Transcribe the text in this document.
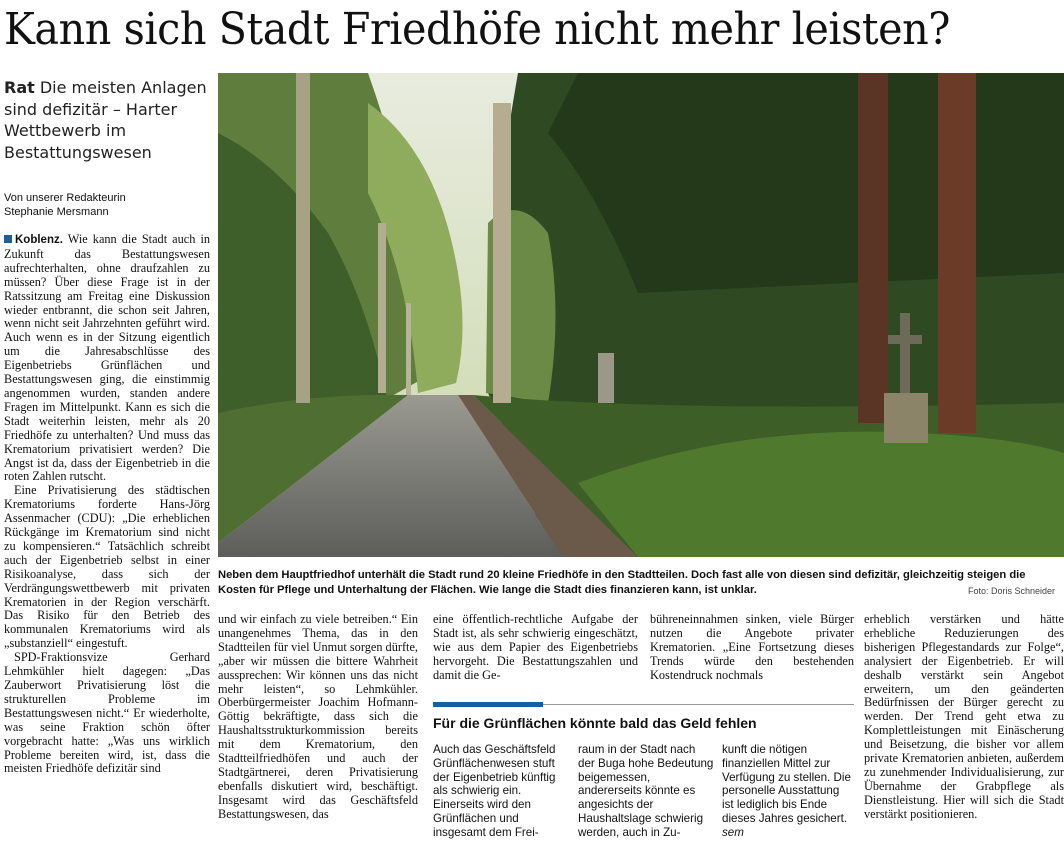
Kann sich Stadt Friedhöfe nicht mehr leisten?
Rat Die meisten Anlagen sind defizitär – Harter Wettbewerb im Bestattungswesen
Von unserer Redakteurin
Stephanie Mersmann

Koblenz. Wie kann die Stadt auch in Zukunft das Bestattungswesen aufrechterhalten, ohne draufzahlen zu müssen? Über diese Frage ist in der Ratssitzung am Freitag eine Diskussion wieder entbrannt, die schon seit Jahren, wenn nicht seit Jahrzehnten geführt wird. Auch wenn es in der Sitzung eigentlich um die Jahresabschlüsse des Eigenbetriebs Grünflächen und Bestattungswesen ging, die einstimmig angenommen wurden, standen andere Fragen im Mittelpunkt. Kann es sich die Stadt weiterhin leisten, mehr als 20 Friedhöfe zu unterhalten? Und muss das Krematorium privatisiert werden? Die Angst ist da, dass der Eigenbetrieb in die roten Zahlen rutscht.

Eine Privatisierung des städtischen Krematoriums forderte Hans-Jörg Assenmacher (CDU): „Die erheblichen Rückgänge im Krematorium sind nicht zu kompensieren.“ Tatsächlich schreibt auch der Eigenbetrieb selbst in einer Risikoanalyse, dass sich der Verdrängungswettbewerb mit privaten Krematorien in der Region verschärft. Das Risiko für den Betrieb des kommunalen Krematoriums wird als „substanziell“ eingestuft.

SPD-Fraktionsvize Gerhard Lehmkühler hielt dagegen: „Das Zauberwort Privatisierung löst die strukturellen Probleme im Bestattungswesen nicht.“ Er wiederholte, was seine Fraktion schön öfter vorgebracht hatte: „Was uns wirklich Probleme bereiten wird, ist, dass die meisten Friedhöfe defizitär sind

Neben dem Hauptfriedhof unterhält die Stadt rund 20 kleine Friedhöfe in den Stadtteilen. Doch fast alle von diesen sind defizitär, gleichzeitig steigen die Kosten für Pflege und Unterhaltung der Flächen. Wie lange die Stadt dies finanzieren kann, ist unklar.	Foto: Doris Schneider

und wir einfach zu viele betreiben.“ Ein unangenehmes Thema, das in den Stadtteilen für viel Unmut sorgen dürfte, „aber wir müssen die bittere Wahrheit aussprechen: Wir können uns das nicht mehr leisten“, so Lehmkühler. Oberbürgermeister Joachim Hofmann-Göttig bekräftigte, dass sich die Haushaltsstrukturkommission bereits mit dem Krematorium, den Stadtteilfriedhöfen und auch der Stadtgärtnerei, deren Privatisierung ebenfalls diskutiert wird, beschäftigt. Insgesamt wird das Geschäftsfeld Bestattungswesen, das

eine öffentlich-rechtliche Aufgabe der Stadt ist, als sehr schwierig eingeschätzt, wie aus dem Papier des Eigenbetriebs hervorgeht. Die Bestattungszahlen und damit die Ge-

bühreneinnahmen sinken, viele Bürger nutzen die Angebote privater Krematorien. „Eine Fortsetzung dieses Trends würde den bestehenden Kostendruck nochmals

erheblich verstärken und hätte erhebliche Reduzierungen des bisherigen Pflegestandards zur Folge“, analysiert der Eigenbetrieb. Er will deshalb verstärkt sein Angebot erweitern, um den geänderten Bedürfnissen der Bürger gerecht zu werden. Der Trend geht etwa zu Komplettleistungen mit Einäscherung und Beisetzung, die bisher vor allem private Krematorien anbieten, außerdem zu zunehmender Individualisierung, zur Übernahme der Grabpflege als Dienstleistung. Hier will sich die Stadt verstärkt positionieren.

Für die Grünflächen könnte bald das Geld fehlen
Auch das Geschäftsfeld Grünflächenwesen stuft der Eigenbetrieb künftig als schwierig ein. Einerseits wird den Grünflächen und insgesamt dem Frei-
raum in der Stadt nach der Buga hohe Bedeutung beigemessen, andererseits könnte es angesichts der Haushaltslage schwierig werden, auch in Zu-
kunft die nötigen finanziellen Mittel zur Verfügung zu stellen. Die personelle Ausstattung ist lediglich bis Ende dieses Jahres gesichert. sem
